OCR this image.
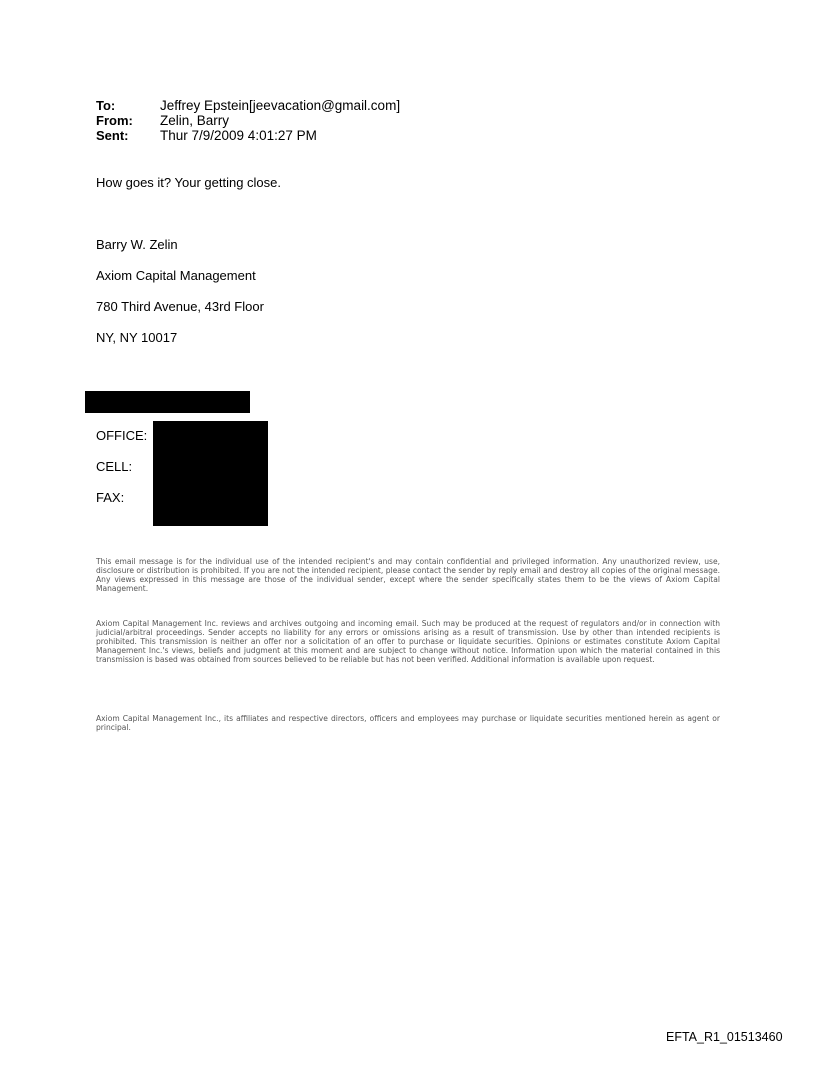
To:	Jeffrey Epstein[jeevacation@gmail.com]
From: Zelin, Barry
Sent: Thur 7/9/2009 4:01:27 PM
How goes it? Your getting close.
Barry W. Zelin
Axiom Capital Management
780 Third Avenue, 43rd Floor
NY, NY 10017
OFFICE:
CELL:
FAX:
This email message is for the individual use of the intended recipient's and may contain confidential and privileged information. Any unauthorized review, use, disclosure or distribution is prohibited. If you are not the intended recipient, please contact the sender by reply email and destroy all copies of the original message. Any views expressed in this message are those of the individual sender, except where the sender specifically states them to be the views of Axiom Capital Management.
Axiom Capital Management Inc. reviews and archives outgoing and incoming email. Such may be produced at the request of regulators and/or in connection with judicial/arbitral proceedings. Sender accepts no liability for any errors or omissions arising as a result of transmission. Use by other than intended recipients is prohibited. This transmission is neither an offer nor a solicitation of an offer to purchase or liquidate securities. Opinions or estimates constitute Axiom Capital Management Inc.'s views, beliefs and judgment at this moment and are subject to change without notice. Information upon which the material contained in this transmission is based was obtained from sources believed to be reliable but has not been verified. Additional information is available upon request.
Axiom Capital Management Inc., its affiliates and respective directors, officers and employees may purchase or liquidate securities mentioned herein as agent or principal.
EFTA_R1_01513460
